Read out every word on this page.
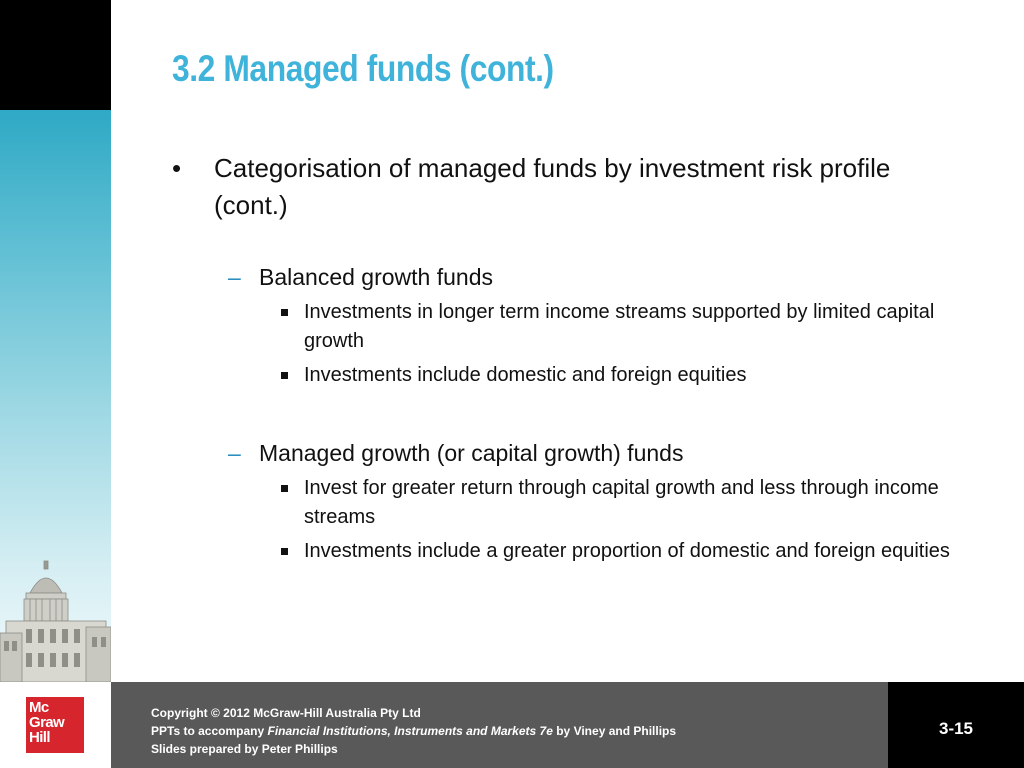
3.2 Managed funds (cont.)
• Categorisation of managed funds by investment risk profile (cont.)
– Balanced growth funds
Investments in longer term income streams supported by limited capital growth
Investments include domestic and foreign equities
– Managed growth (or capital growth) funds
Invest for greater return through capital growth and less through income streams
Investments include a greater proportion of domestic and foreign equities
Mc
Graw
Hill
Copyright © 2012 McGraw-Hill Australia Pty Ltd
PPTs to accompany Financial Institutions, Instruments and Markets 7e by Viney and Phillips
Slides prepared by Peter Phillips
3-15
